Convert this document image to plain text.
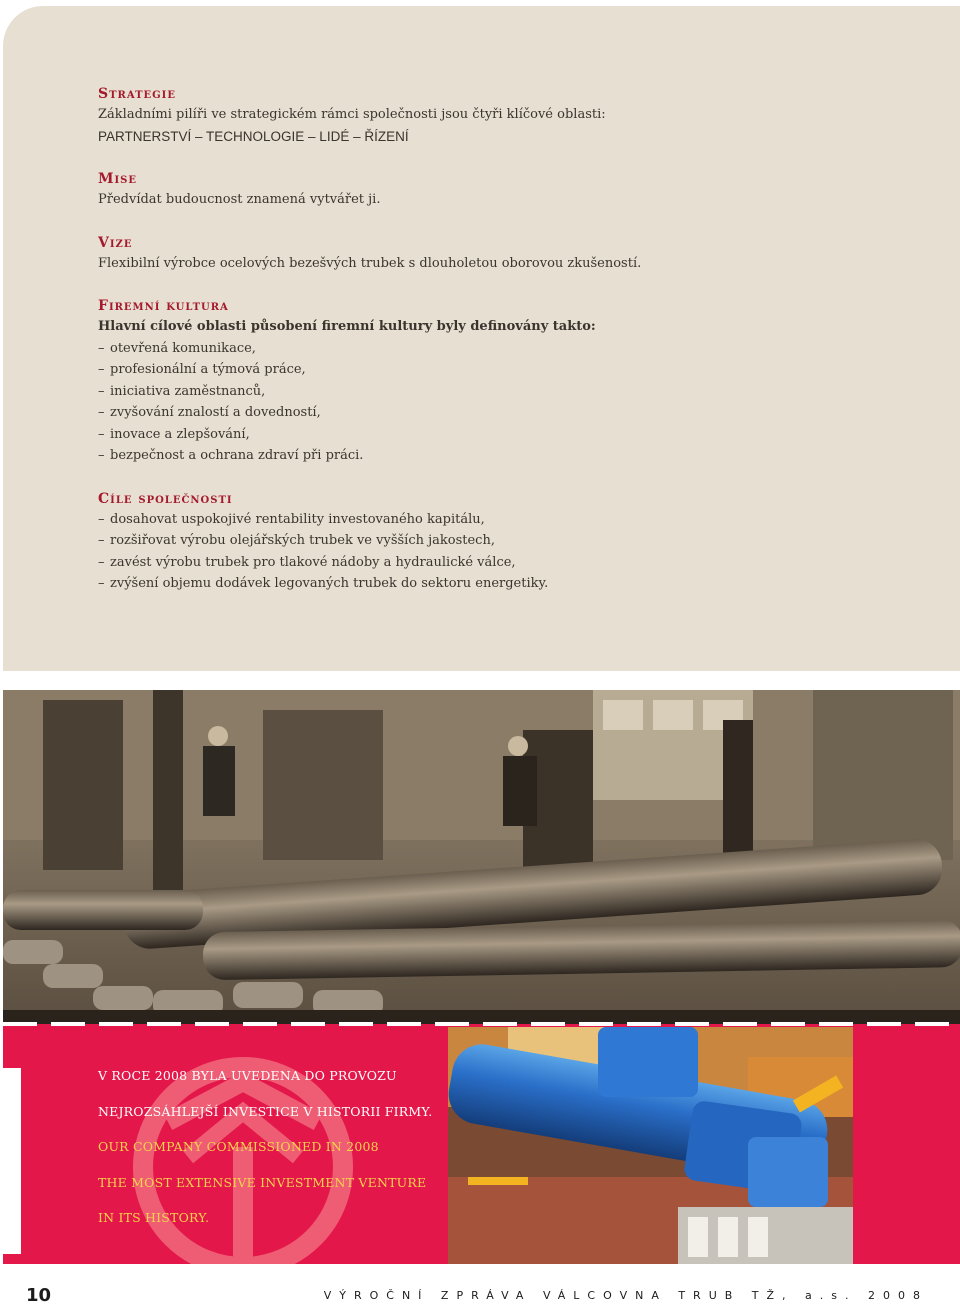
Strategie

Základními pilíři ve strategickém rámci společnosti jsou čtyři klíčové oblasti:

PARTNERSTVÍ – TECHNOLOGIE – LIDÉ – ŘÍZENÍ

Mise

Předvídat budoucnost znamená vytvářet ji.

Vize

Flexibilní výrobce ocelových bezešvých trubek s dlouholetou oborovou zkušeností.

Firemní kultura

Hlavní cílové oblasti působení firemní kultury byly definovány takto:

– otevřená komunikace,
– profesionální a týmová práce,
– iniciativa zaměstnanců,
– zvyšování znalostí a dovedností,
– inovace a zlepšování,
– bezpečnost a ochrana zdraví při práci.
Cíle společnosti
– dosahovat uspokojivé rentability investovaného kapitálu,
– rozšiřovat výrobu olejářských trubek ve vyšších jakostech,
– zavést výrobu trubek pro tlakové nádoby a hydraulické válce,
– zvýšení objemu dodávek legovaných trubek do sektoru energetiky.

V ROCE 2008 BYLA UVEDENA DO PROVOZU

NEJROZSÁHLEJŠÍ INVESTICE V HISTORII FIRMY.

OUR COMPANY COMMISSIONED IN 2008

THE MOST EXTENSIVE INVESTMENT VENTURE

IN ITS HISTORY.

10	VÝROČNÍ ZPRÁVA VÁLCOVNA TRUB TŽ, a.s. 2008
